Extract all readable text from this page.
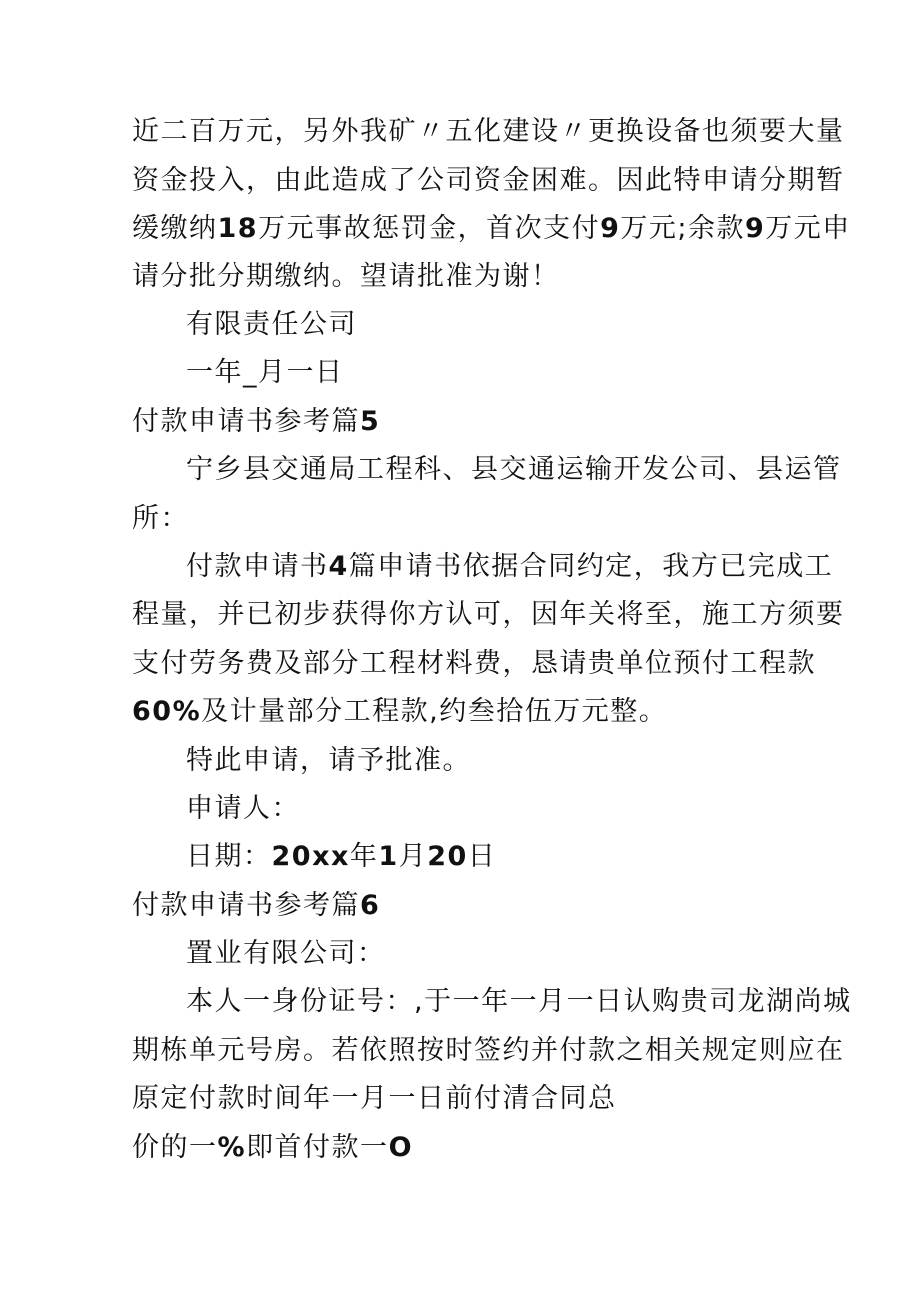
近二百万元，另外我矿〃五化建设〃更换设备也须要大量
资金投入，由此造成了公司资金困难。因此特申请分期暂
缓缴纳18万元事故惩罚金，首次支付9万元;余款9万元申
请分批分期缴纳。望请批准为谢！
有限责任公司
一年_月一日
付款申请书参考篇5
宁乡县交通局工程科、县交通运输开发公司、县运管
所：
付款申请书4篇申请书依据合同约定，我方已完成工
程量，并已初步获得你方认可，因年关将至，施工方须要
支付劳务费及部分工程材料费，恳请贵单位预付工程款
60%及计量部分工程款,约叁拾伍万元整。
特此申请，请予批准。
申请人：
日期：20xx年1月20日
付款申请书参考篇6
置业有限公司：
本人一身份证号：,于一年一月一日认购贵司龙湖尚城
期栋单元号房。若依照按时签约并付款之相关规定则应在
原定付款时间年一月一日前付清合同总
价的一%即首付款一O
